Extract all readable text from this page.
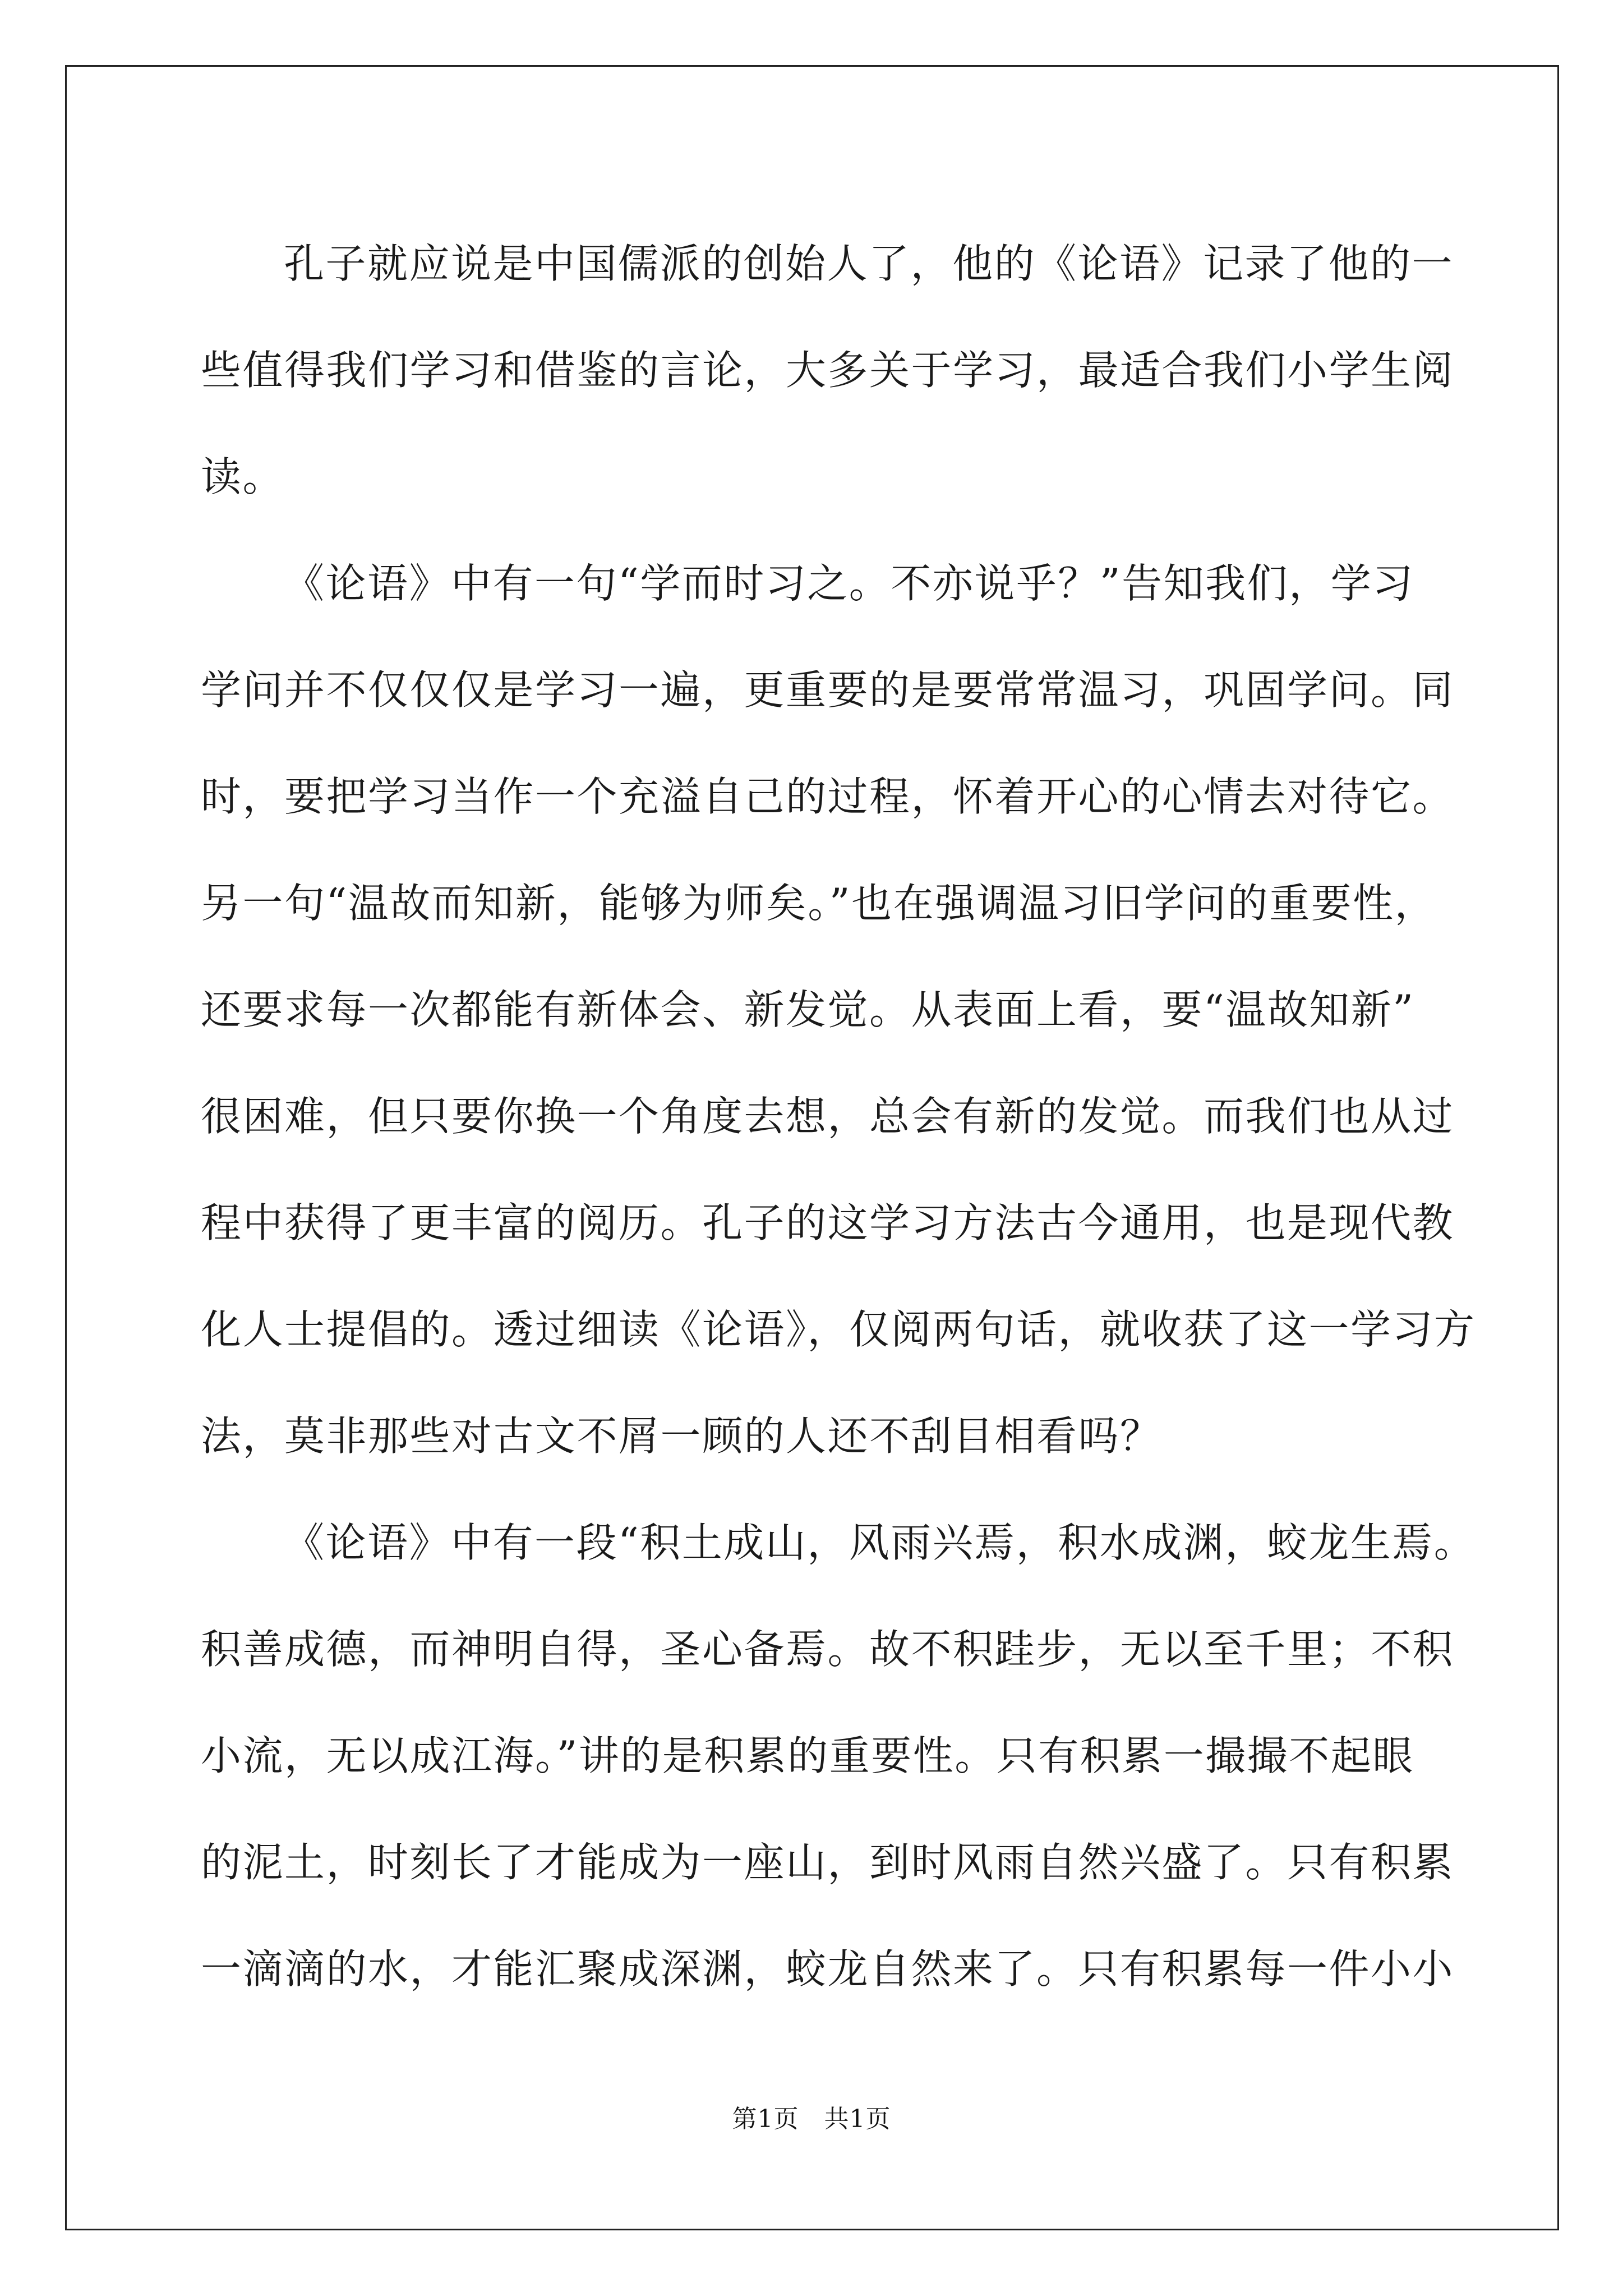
孔子就应说是中国儒派的创始人了，他的《论语》记录了他的一
些值得我们学习和借鉴的言论，大多关于学习，最适合我们小学生阅
读。
《论语》中有一句“学而时习之。不亦说乎？”告知我们，学习
学问并不仅仅仅是学习一遍，更重要的是要常常温习，巩固学问。同
时，要把学习当作一个充溢自己的过程，怀着开心的心情去对待它。
另一句“温故而知新，能够为师矣。”也在强调温习旧学问的重要性，
还要求每一次都能有新体会、新发觉。从表面上看，要“温故知新”
很困难，但只要你换一个角度去想，总会有新的发觉。而我们也从过
程中获得了更丰富的阅历。孔子的这学习方法古今通用，也是现代教
化人士提倡的。透过细读《论语》，仅阅两句话，就收获了这一学习方
法，莫非那些对古文不屑一顾的人还不刮目相看吗？
《论语》中有一段“积土成山，风雨兴焉，积水成渊，蛟龙生焉。
积善成德，而神明自得，圣心备焉。故不积跬步，无以至千里；不积
小流，无以成江海。”讲的是积累的重要性。只有积累一撮撮不起眼
的泥土，时刻长了才能成为一座山，到时风雨自然兴盛了。只有积累
一滴滴的水，才能汇聚成深渊，蛟龙自然来了。只有积累每一件小小
第1页　共1页
